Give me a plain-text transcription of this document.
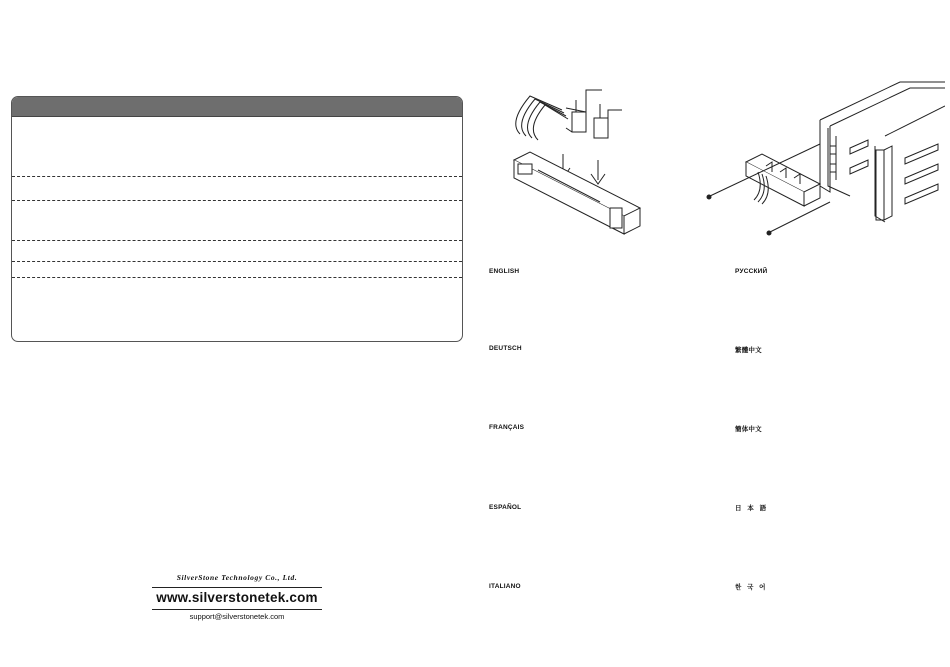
SilverStone Technology Co., Ltd.
www.silverstonetek.com
support@silverstonetek.com
ENGLISH
DEUTSCH
FRANÇAIS
ESPAÑOL
ITALIANO
РУССКИЙ
繁體中文
簡体中文
日 本 語
한 국 어
